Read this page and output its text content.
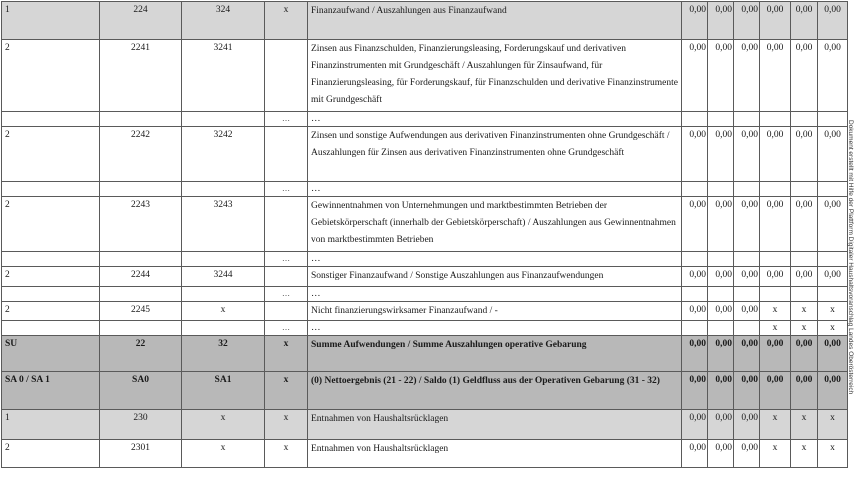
1	224	324	x	Finanzaufwand / Auszahlungen aus Finanzaufwand	0,00	0,00	0,00	0,00	0,00	0,00
2	2241	3241		Zinsen aus Finanzschulden, Finanzierungsleasing, Forderungskauf und derivativen Finanzinstrumenten mit Grundgeschäft / Auszahlungen für Zinsaufwand, für Finanzierungsleasing, für Forderungskauf, für Finanzschulden und derivative Finanzinstrumente mit Grundgeschäft	0,00	0,00	0,00	0,00	0,00	0,00
			…	…						
2	2242	3242		Zinsen und sonstige Aufwendungen aus derivativen Finanzinstrumenten ohne Grundgeschäft / Auszahlungen für Zinsen aus derivativen Finanzinstrumenten ohne Grundgeschäft	0,00	0,00	0,00	0,00	0,00	0,00
			…	…						
2	2243	3243		Gewinnentnahmen von Unternehmungen und marktbestimmten Betrieben der Gebietskörperschaft (innerhalb der Gebietskörperschaft) / Auszahlungen aus Gewinnentnahmen von marktbestimmten Betrieben	0,00	0,00	0,00	0,00	0,00	0,00
			…	…						
2	2244	3244		Sonstiger Finanzaufwand / Sonstige Auszahlungen aus Finanzaufwendungen	0,00	0,00	0,00	0,00	0,00	0,00
			…	…						
2	2245	x		Nicht finanzierungswirksamer Finanzaufwand / -	0,00	0,00	0,00	x	x	x
			…	…				x	x	x
SU	22	32	x	Summe Aufwendungen / Summe Auszahlungen operative Gebarung	0,00	0,00	0,00	0,00	0,00	0,00
SA 0 / SA 1	SA0	SA1	x	(0) Nettoergebnis (21 - 22) / Saldo (1) Geldfluss aus der Operativen Gebarung (31 - 32)	0,00	0,00	0,00	0,00	0,00	0,00
1	230	x	x	Entnahmen von Haushaltsrücklagen	0,00	0,00	0,00	x	x	x
2	2301	x	x	Entnahmen von Haushaltsrücklagen	0,00	0,00	0,00	x	x	x
Dokument erstellt mit Hilfe der Plattform Digitaler Haushaltsvoranschlag Landes Oberösterreich
